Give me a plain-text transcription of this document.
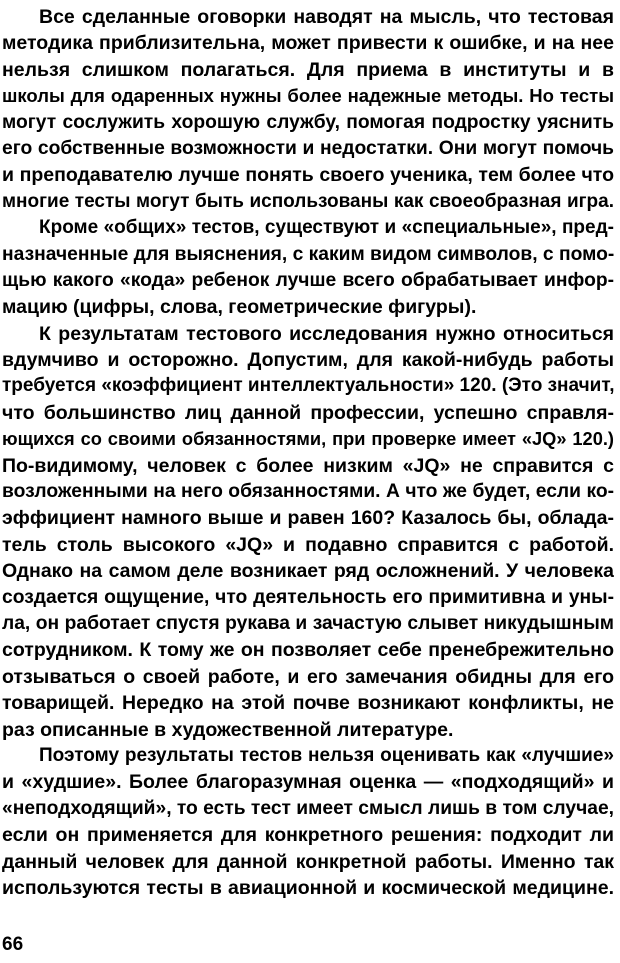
Все сделанные оговорки наводят на мысль, что тестовая
методика приблизительна, может привести к ошибке, и на нее
нельзя слишком полагаться. Для приема в институты и в
школы для одаренных нужны более надежные методы. Но тесты
могут сослужить хорошую службу, помогая подростку уяснить
его собственные возможности и недостатки. Они могут помочь
и преподавателю лучше понять своего ученика, тем более что
многие тесты могут быть использованы как своеобразная игра.
Кроме «общих» тестов, существуют и «специальные», пред-
назначенные для выяснения, с каким видом символов, с помо-
щью какого «кода» ребенок лучше всего обрабатывает инфор-
мацию (цифры, слова, геометрические фигуры).
К результатам тестового исследования нужно относиться
вдумчиво и осторожно. Допустим, для какой-нибудь работы
требуется «коэффициент интеллектуальности» 120. (Это значит,
что большинство лиц данной профессии, успешно справля-
ющихся со своими обязанностями, при проверке имеет «JQ» 120.)
По-видимому, человек с более низким «JQ» не справится с
возложенными на него обязанностями. А что же будет, если ко-
эффициент намного выше и равен 160? Казалось бы, облада-
тель столь высокого «JQ» и подавно справится с работой.
Однако на самом деле возникает ряд осложнений. У человека
создается ощущение, что деятельность его примитивна и уны-
ла, он работает спустя рукава и зачастую слывет никудышным
сотрудником. К тому же он позволяет себе пренебрежительно
отзываться о своей работе, и его замечания обидны для его
товарищей. Нередко на этой почве возникают конфликты, не
раз описанные в художественной литературе.
Поэтому результаты тестов нельзя оценивать как «лучшие»
и «худшие». Более благоразумная оценка — «подходящий» и
«неподходящий», то есть тест имеет смысл лишь в том случае,
если он применяется для конкретного решения: подходит ли
данный человек для данной конкретной работы. Именно так
используются тесты в авиационной и космической медицине.
66
